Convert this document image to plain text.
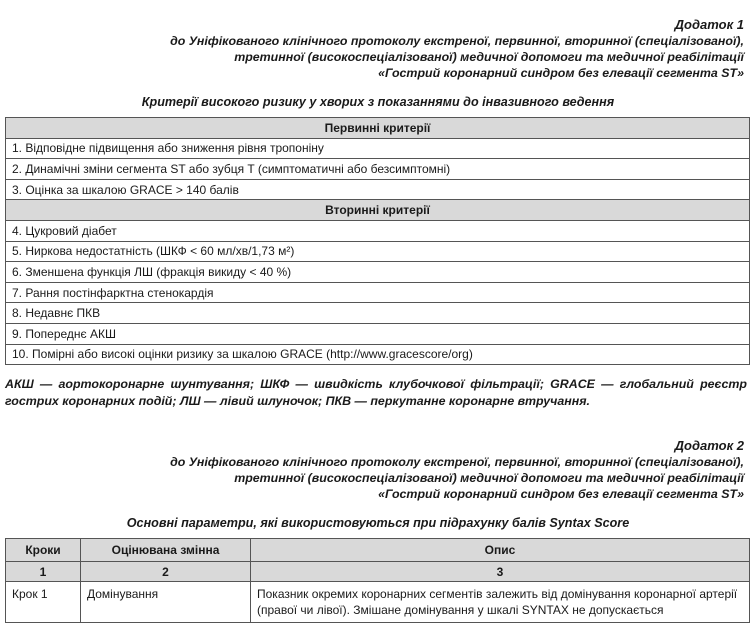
Додаток 1
до Уніфікованого клінічного протоколу екстреної, первинної, вторинної (спеціалізованої),
третинної (високоспеціалізованої) медичної допомоги та медичної реабілітації
«Гострий коронарний синдром без елевації сегмента ST»
Критерії високого ризику у хворих з показаннями до інвазивного ведення
Первинні критерії
1. Відповідне підвищення або зниження рівня тропоніну
2. Динамічні зміни сегмента ST або зубця T (симптоматичні або безсимптомні)
3. Оцінка за шкалою GRACE > 140 балів
Вторинні критерії
4. Цукровий діабет
5. Ниркова недостатність (ШКФ < 60 мл/хв/1,73 м²)
6. Зменшена функція ЛШ (фракція викиду < 40 %)
7. Рання постінфарктна стенокардія
8. Недавнє ПКВ
9. Попереднє АКШ
10. Помірні або високі оцінки ризику за шкалою GRACE (http://www.gracescore/org)
АКШ — аортокоронарне шунтування; ШКФ — швидкість клубочкової фільтрації; GRACE — глобальний реєстр гострих коронарних подій; ЛШ — лівий шлуночок; ПКВ — перкутанне коронарне втручання.
Додаток 2
до Уніфікованого клінічного протоколу екстреної, первинної, вторинної (спеціалізованої),
третинної (високоспеціалізованої) медичної допомоги та медичної реабілітації
«Гострий коронарний синдром без елевації сегмента ST»
Основні параметри, які використовуються при підрахунку балів Syntax Score
Кроки	Оцінювана змінна	Опис
1	2	3
Крок 1	Домінування	Показник окремих коронарних сегментів залежить від домінування коронарної артерії (правої чи лівої). Змішане домінування у шкалі SYNTAX не допускається
